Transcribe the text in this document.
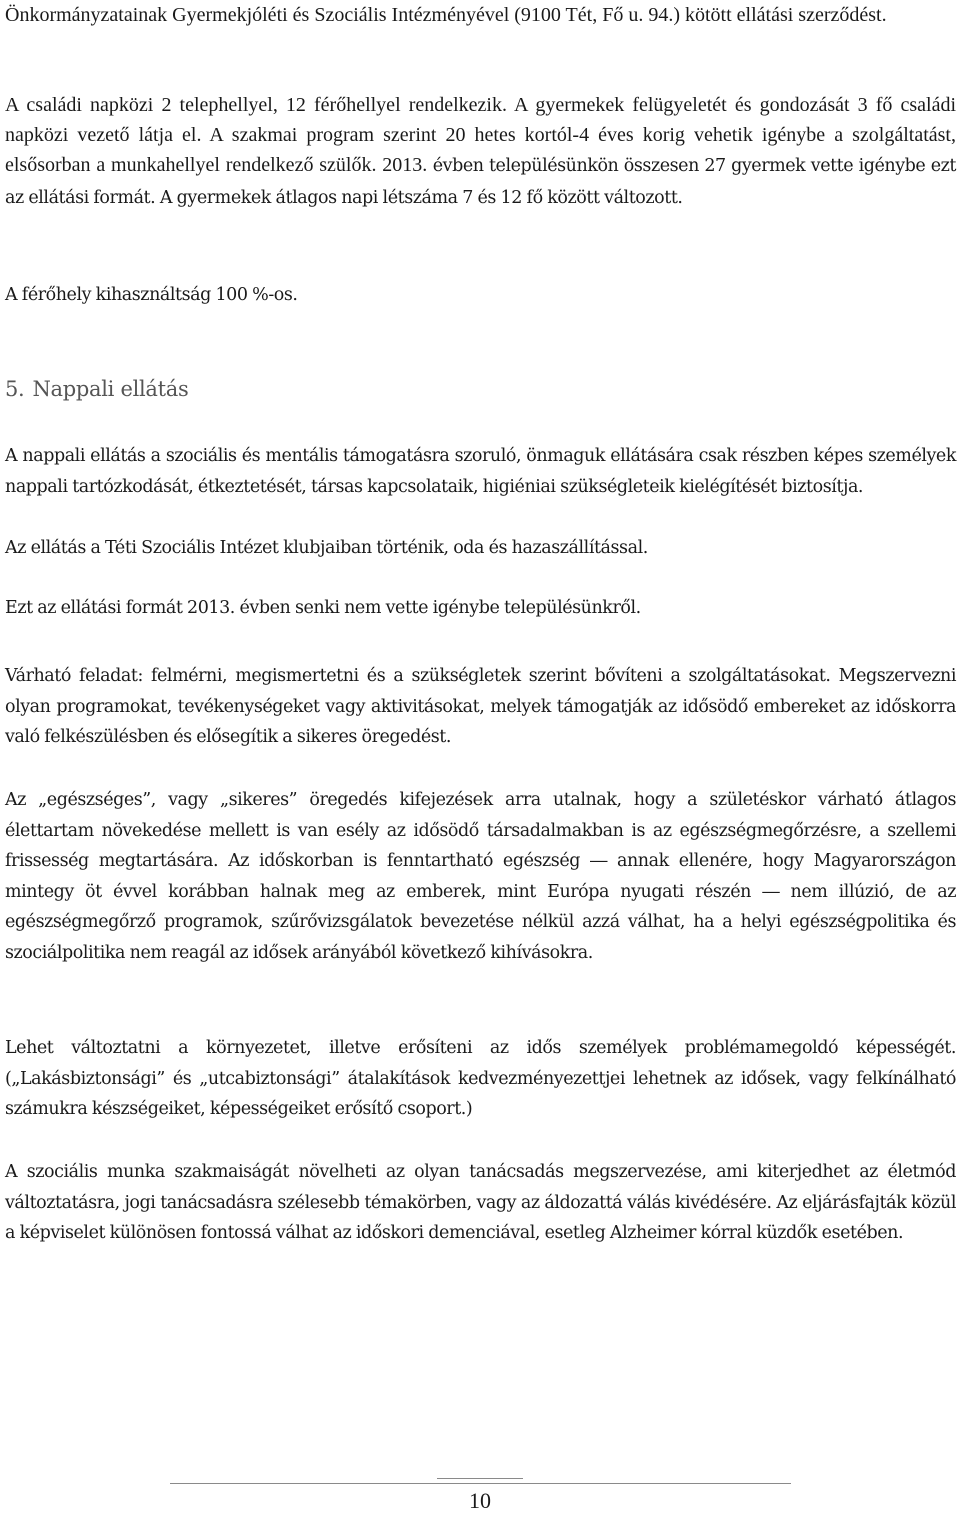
Önkormányzatainak Gyermekjóléti és Szociális Intézményével (9100 Tét, Fő u. 94.) kötött ellátási szerződést.

A családi napközi 2 telephellyel, 12 férőhellyel rendelkezik. A gyermekek felügyeletét és gondozását 3 fő családi napközi vezető látja el. A szakmai program szerint 20 hetes kortól-4 éves korig vehetik igénybe a szolgáltatást, elsősorban a munkahellyel rendelkező szülők. 2013. évben településünkön összesen 27 gyermek vette igénybe ezt az ellátási formát. A gyermekek átlagos napi létszáma 7 és 12 fő között változott.

A férőhely kihasználtság 100 %-os.

5. Nappali ellátás

A nappali ellátás a szociális és mentális támogatásra szoruló, önmaguk ellátására csak részben képes személyek nappali tartózkodását, étkeztetését, társas kapcsolataik, higiéniai szükségleteik kielégítését biztosítja.

Az ellátás a Téti Szociális Intézet klubjaiban történik, oda és hazaszállítással.

Ezt az ellátási formát 2013. évben senki nem vette igénybe településünkről.

Várható feladat: felmérni, megismertetni és a szükségletek szerint bővíteni a szolgáltatásokat. Megszervezni olyan programokat, tevékenységeket vagy aktivitásokat, melyek támogatják az idősödő embereket az időskorra való felkészülésben és elősegítik a sikeres öregedést.

Az „egészséges”, vagy „sikeres” öregedés kifejezések arra utalnak, hogy a születéskor várható átlagos élettartam növekedése mellett is van esély az idősödő társadalmakban is az egészségmegőrzésre, a szellemi frissesség megtartására. Az időskorban is fenntartható egészség ― annak ellenére, hogy Magyarországon mintegy öt évvel korábban halnak meg az emberek, mint Európa nyugati részén ― nem illúzió, de az egészségmegőrző programok, szűrővizsgálatok bevezetése nélkül azzá válhat, ha a helyi egészségpolitika és szociálpolitika nem reagál az idősek arányából következő kihívásokra.

Lehet változtatni a környezetet, illetve erősíteni az idős személyek problémamegoldó képességét. („Lakásbiztonsági” és „utcabiztonsági” átalakítások kedvezményezettjei lehetnek az idősek, vagy felkínálható számukra készségeiket, képességeiket erősítő csoport.)

A szociális munka szakmaiságát növelheti az olyan tanácsadás megszervezése, ami kiterjedhet az életmód változtatásra, jogi tanácsadásra szélesebb témakörben, vagy az áldozattá válás kivédésére. Az eljárásfajták közül a képviselet különösen fontossá válhat az időskori demenciával, esetleg Alzheimer kórral küzdők esetében.

10
